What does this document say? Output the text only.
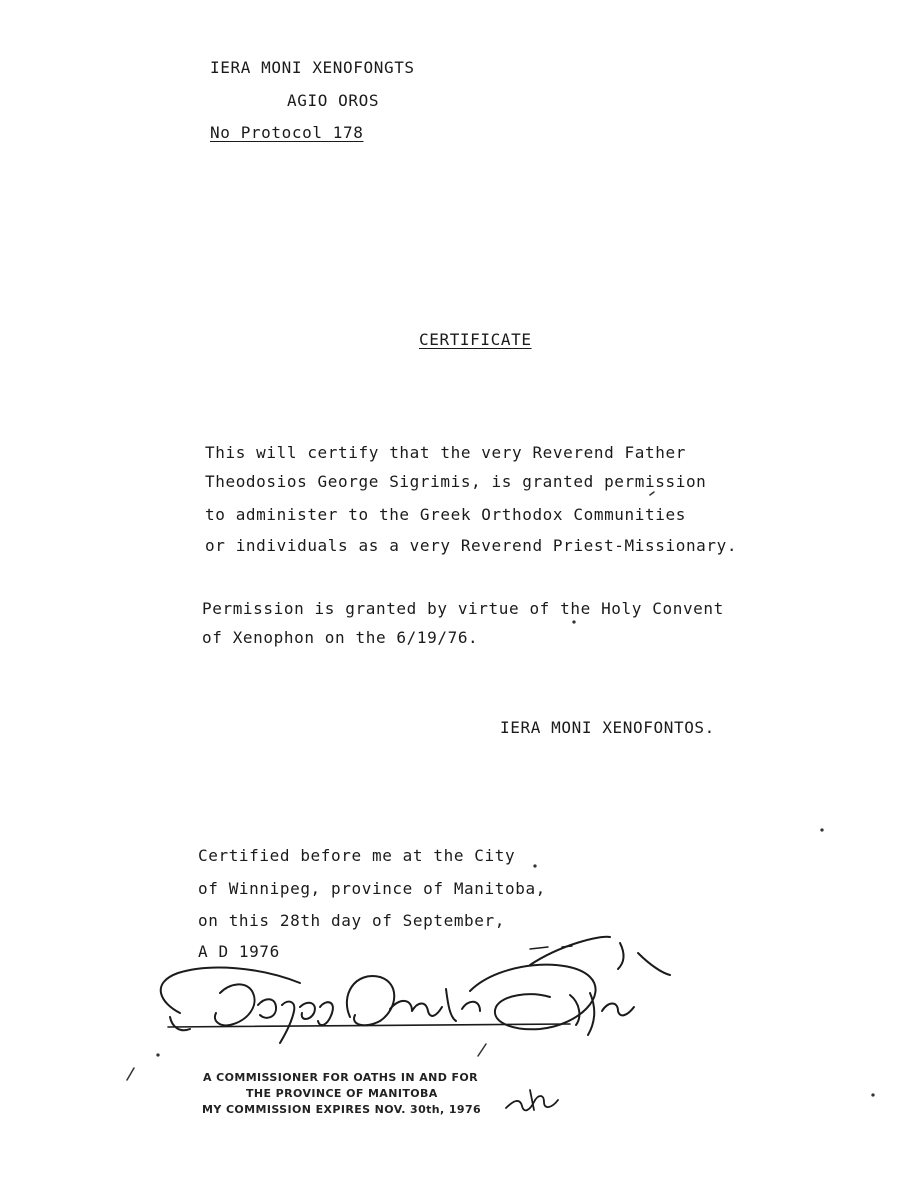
IERA MONI XENOFONGTS
AGIO OROS
No Protocol 178
CERTIFICATE
This will certify that the very Reverend Father
Theodosios George Sigrimis, is granted permission
to administer to the Greek Orthodox Communities
or individuals as a very Reverend Priest-Missionary.
Permission is granted by virtue of the Holy Convent
of Xenophon on the 6/19/76.
IERA MONI XENOFONTOS.
Certified before me at the City
of Winnipeg, province of Manitoba,
on this 28th day of September,
A D 1976
A COMMISSIONER FOR OATHS IN AND FOR
THE PROVINCE OF MANITOBA
MY COMMISSION EXPIRES NOV. 30th, 1976
